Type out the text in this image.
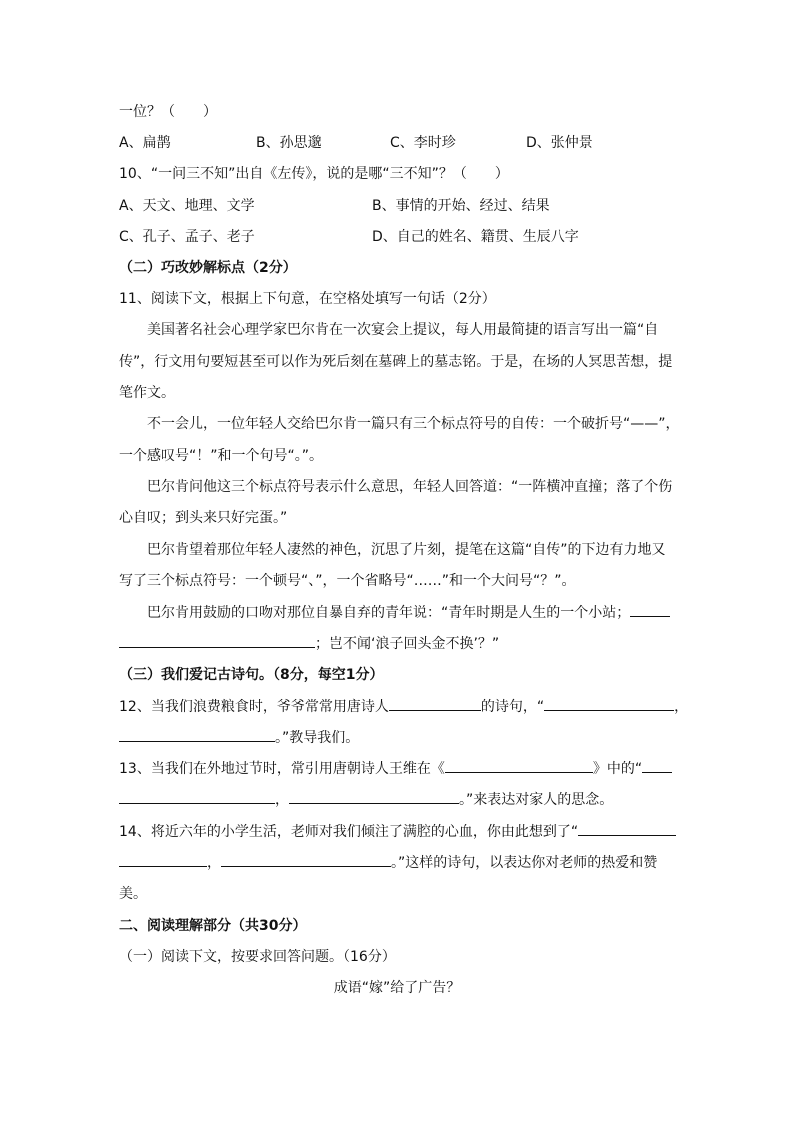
一位？（　　）
A、扁鹊	B、孙思邈	C、李时珍	D、张仲景
10、“一问三不知”出自《左传》，说的是哪“三不知”？（　　）
A、天文、地理、文学	B、事情的开始、经过、结果
C、孔子、孟子、老子	D、自己的姓名、籍贯、生辰八字
（二）巧改妙解标点（2分）
11、阅读下文，根据上下句意，在空格处填写一句话（2分）
美国著名社会心理学家巴尔肯在一次宴会上提议，每人用最简捷的语言写出一篇“自
传”，行文用句要短甚至可以作为死后刻在墓碑上的墓志铭。于是，在场的人冥思苦想，提
笔作文。
不一会儿，一位年轻人交给巴尔肯一篇只有三个标点符号的自传：一个破折号“——”，
一个感叹号“！”和一个句号“。”。
巴尔肯问他这三个标点符号表示什么意思，年轻人回答道：“一阵横冲直撞；落了个伤
心自叹；到头来只好完蛋。”
巴尔肯望着那位年轻人凄然的神色，沉思了片刻，提笔在这篇“自传”的下边有力地又
写了三个标点符号：一个顿号“、”，一个省略号“……”和一个大问号“？”。
巴尔肯用鼓励的口吻对那位自暴自弃的青年说：“青年时期是人生的一个小站；
；岂不闻‘浪子回头金不换’？”
（三）我们爱记古诗句。（8分，每空1分）
12、当我们浪费粮食时，爷爷常常用唐诗人	的诗句，“	，
。”教导我们。
13、当我们在外地过节时，常引用唐朝诗人王维在《	》中的“
，	。”来表达对家人的思念。
14、将近六年的小学生活，老师对我们倾注了满腔的心血，你由此想到了“
，	。”这样的诗句，以表达你对老师的热爱和赞
美。
二、阅读理解部分（共30分）
（一）阅读下文，按要求回答问题。（16分）
成语“嫁”给了广告？
